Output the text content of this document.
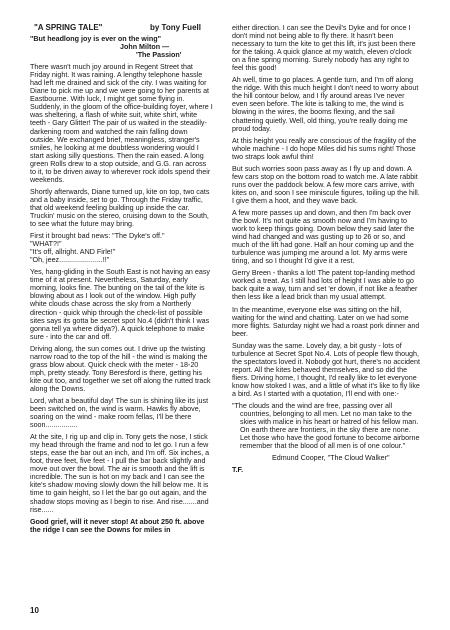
"A SPRING TALE"	by Tony Fuell

"But headlong joy is ever on the wing"
John Milton —
'The Passion'

There wasn't much joy around in Regent Street that Friday night. It was raining. A lengthy telephone hassle had left me drained and sick of the city. I was waiting for Diane to pick me up and we were going to her parents at Eastbourne. With luck, I might get some flying in. Suddenly, in the gloom of the office-building foyer, where I was sheltering, a flash of white suit, white shirt, white teeth - Gary Glitter! The pair of us waited in the steadily-darkening room and watched the rain falling down outside. We exchanged brief, meaningless, stranger's smiles, he looking at me doubtless wondering would I start asking silly questions. Then the rain eased. A long green Rolls drew to a stop outside, and G.G. ran across to it, to be driven away to wherever rock idols spend their weekends.

Shortly afterwards, Diane turned up, kite on top, two cats and a baby inside, set to go. Through the Friday traffic, that old weekend feeling building up inside the car. Truckin' music on the stereo, cruising down to the South, to see what the future may bring.

First it brought bad news: "The Dyke's off."

"WHAT?!"

"It's off, allright. AND Firle!"

"Oh, jeez......................!!"

Yes, hang-gliding in the South East is not having an easy time of it at present. Nevertheless, Saturday, early morning, looks fine. The bunting on the tail of the kite is blowing about as I look out of the window. High puffy white clouds chase across the sky from a Northerly direction - quick whip through the check-list of possible sites says its gotta be secret spot No.4 (didn't think I was gonna tell ya where didya?). A quick telephone to make sure - into the car and off.

Driving along, the sun comes out. I drive up the twisting narrow road to the top of the hill - the wind is making the grass blow about. Quick check with the meter - 18-20 mph, pretty steady. Tony Beresford is there, getting his kite out too, and together we set off along the rutted track along the Downs.

Lord, what a beautiful day! The sun is shining like its just been switched on, the wind is warm. Hawks fly above, soaring on the wind - make room fellas, I'll be there soon................

At the site, I rig up and clip in. Tony gets the nose, I stick my head through the frame and nod to let go. I run a few steps, ease the bar out an inch, and I'm off. Six inches, a foot, three feet, five feet - I pull the bar back slightly and move out over the bowl. The air is smooth and the lift is incredible. The sun is hot on my back and I can see the kite's shadow moving slowly down the hill below me. It is time to gain height, so I let the bar go out again, and the shadow stops moving as I begin to rise. And rise.......and rise......

Good grief, will it never stop! At about 250 ft. above the ridge I can see the Downs for miles in

either direction. I can see the Devil's Dyke and for once I don't mind not being able to fly there. It hasn't been necessary to turn the kite to get this lift, it's just been there for the taking. A quick glance at my watch, eleven o'clock on a fine spring morning. Surely nobody has any right to feel this good!

Ah well, time to go places. A gentle turn, and I'm off along the ridge. With this much height I don't need to worry about the hill contour below, and I fly around areas I've never even seen before. The kite is talking to me, the wind is blowing in the wires, the booms flexing, and the sail chattering quietly. Well, old thing, you're really doing me proud today.

At this height you really are conscious of the fragility of the whole machine - I do hope Miles did his sums right! Those two straps look awful thin!

But such worries soon pass away as I fly up and down. A few cars stop on the bottom road to watch me. A late rabbit runs over the paddock below. A few more cars arrive, with kites on, and soon I see miniscule figures, toiling up the hill. I give them a hoot, and they wave back.

A few more passes up and down, and then I'm back over the bowl. It's not quite as smooth now and I'm having to work to keep things going. Down below they said later the wind had changed and was gusting up to 26 or so, and much of the lift had gone. Half an hour coming up and the turbulence was jumping me around a lot. My arms were tiring, and so I thought I'd give it a rest.

Gerry Breen - thanks a lot! The patent top-landing method worked a treat. As I still had lots of height I was able to go back quite a way, turn and set 'er down, if not like a feather then less like a lead brick than my usual attempt.

In the meantime, everyone else was sitting on the hill, waiting for the wind and chatting. Later on we had some more flights. Saturday night we had a roast pork dinner and beer.

Sunday was the same. Lovely day, a bit gusty - lots of turbulence at Secret Spot No.4. Lots of people flew though, the spectators loved it. Nobody got hurt, there's no accident report. All the kites behaved themselves, and so did the fliers. Driving home, I thought, I'd really like to let everyone know how stoked I was, and a little of what it's like to fly like a bird. As I started with a quotation, I'll end with one:-

"The clouds and the wind are free, passing over all countries, belonging to all men. Let no man take to the skies with malice in his heart or hatred of his fellow man. On earth there are frontiers, in the sky there are none. Let those who have the good fortune to become airborne remember that the blood of all men is of one colour."

Edmund Cooper, "The Cloud Walker"

T.F.

10
